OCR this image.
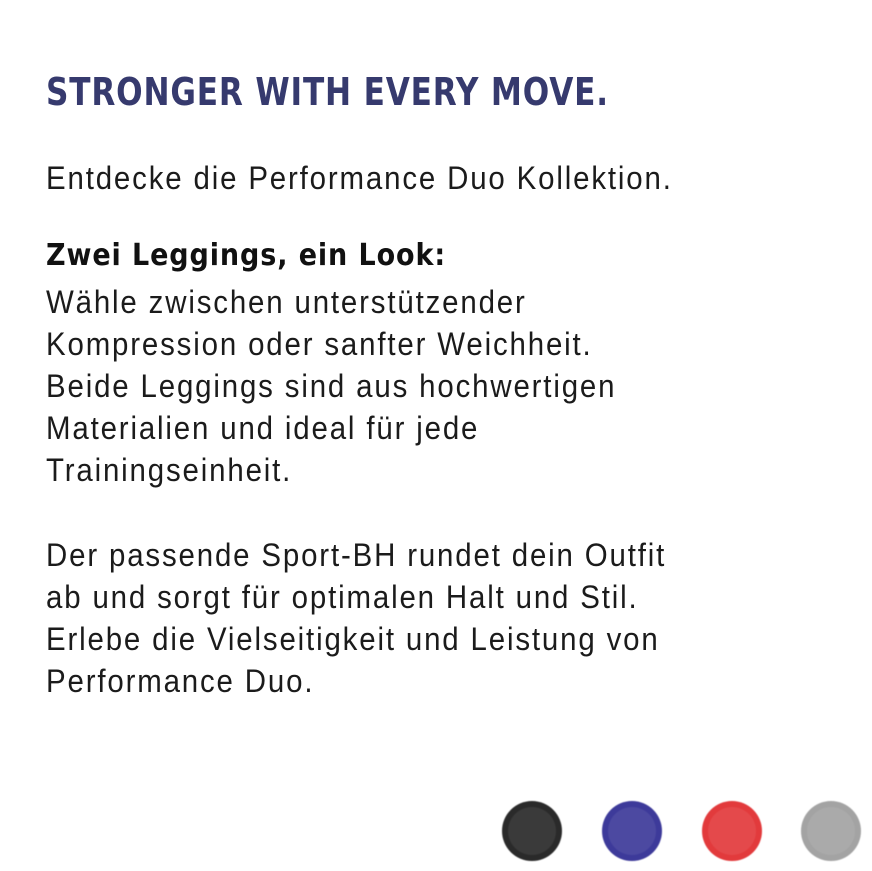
STRONGER WITH EVERY MOVE.

Entdecke die Performance Duo Kollektion.

Zwei Leggings, ein Look:

Wähle zwischen unterstützender
Kompression oder sanfter Weichheit.
Beide Leggings sind aus hochwertigen
Materialien und ideal für jede
Trainingseinheit.

Der passende Sport-BH rundet dein Outfit
ab und sorgt für optimalen Halt und Stil.
Erlebe die Vielseitigkeit und Leistung von
Performance Duo.
